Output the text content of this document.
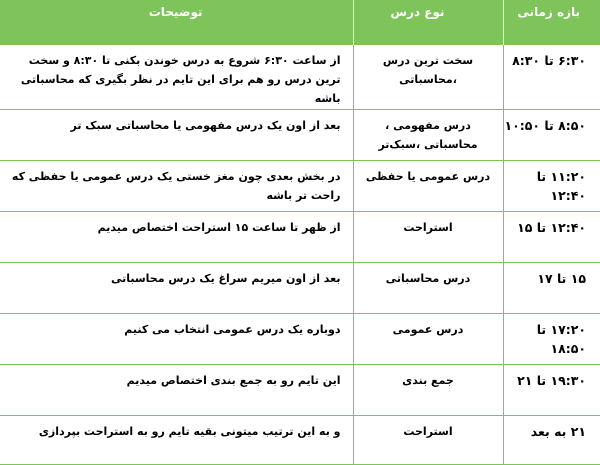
بازه زمانی	نوع درس	توضیحات
۶:۳۰ تا ۸:۳۰	سخت ترین درس ،محاسباتی	از ساعت ۶:۳۰ شروع به درس خوندن بکنی تا ۸:۳۰ و سخت ترین درس رو هم برای این تایم در نظر بگیری که محاسباتی باشه
۸:۵۰ تا ۱۰:۵۰	درس مفهومی ، محاسباتی ،سبک‌تر	بعد از اون یک درس مفهومی یا محاسباتی سبک تر
۱۱:۲۰ تا ۱۲:۴۰	درس عمومی یا حفظی	در بخش بعدی چون مغز خستی یک درس عمومی یا حفظی که راحت تر باشه
۱۲:۴۰ تا ۱۵	استراحت	از ظهر تا ساعت ۱۵ استراحت اختصاص میدیم
۱۵ تا ۱۷	درس محاسباتی	بعد از اون میریم سراغ یک درس محاسباتی
۱۷:۲۰ تا ۱۸:۵۰	درس عمومی	دوباره یک درس عمومی انتخاب می کنیم
۱۹:۳۰ تا ۲۱	جمع بندی	این تایم رو به جمع بندی اختصاص میدیم
۲۱ به بعد	استراحت	و به این ترتیب میتونی بقیه تایم رو به استراحت بپردازی
